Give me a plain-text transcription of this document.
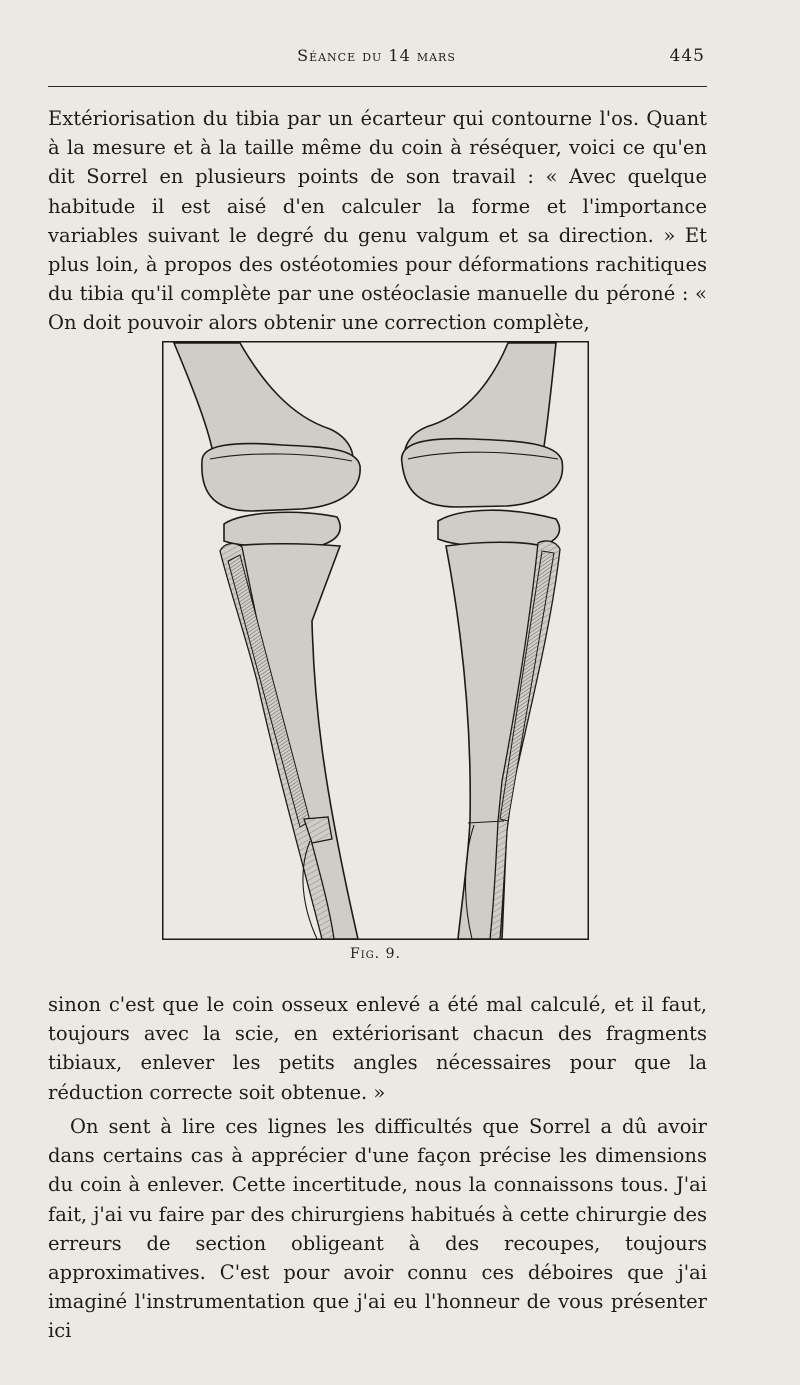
Séance du 14 mars	445

Extériorisation du tibia par un écarteur qui contourne l'os. Quant à la mesure et à la taille même du coin à réséquer, voici ce qu'en dit Sorrel en plusieurs points de son travail : « Avec quelque habitude il est aisé d'en calculer la forme et l'importance variables suivant le degré du genu valgum et sa direction. » Et plus loin, à propos des ostéotomies pour déformations rachitiques du tibia qu'il complète par une ostéoclasie manuelle du péroné : « On doit pouvoir alors obtenir une correction complète,

Fig. 9.

sinon c'est que le coin osseux enlevé a été mal calculé, et il faut, toujours avec la scie, en extériorisant chacun des fragments tibiaux, enlever les petits angles nécessaires pour que la réduction correcte soit obtenue. »

On sent à lire ces lignes les difficultés que Sorrel a dû avoir dans certains cas à apprécier d'une façon précise les dimensions du coin à enlever. Cette incertitude, nous la connaissons tous. J'ai fait, j'ai vu faire par des chirurgiens habitués à cette chirurgie des erreurs de section obligeant à des recoupes, toujours approximatives. C'est pour avoir connu ces déboires que j'ai imaginé l'instrumentation que j'ai eu l'honneur de vous présenter ici
